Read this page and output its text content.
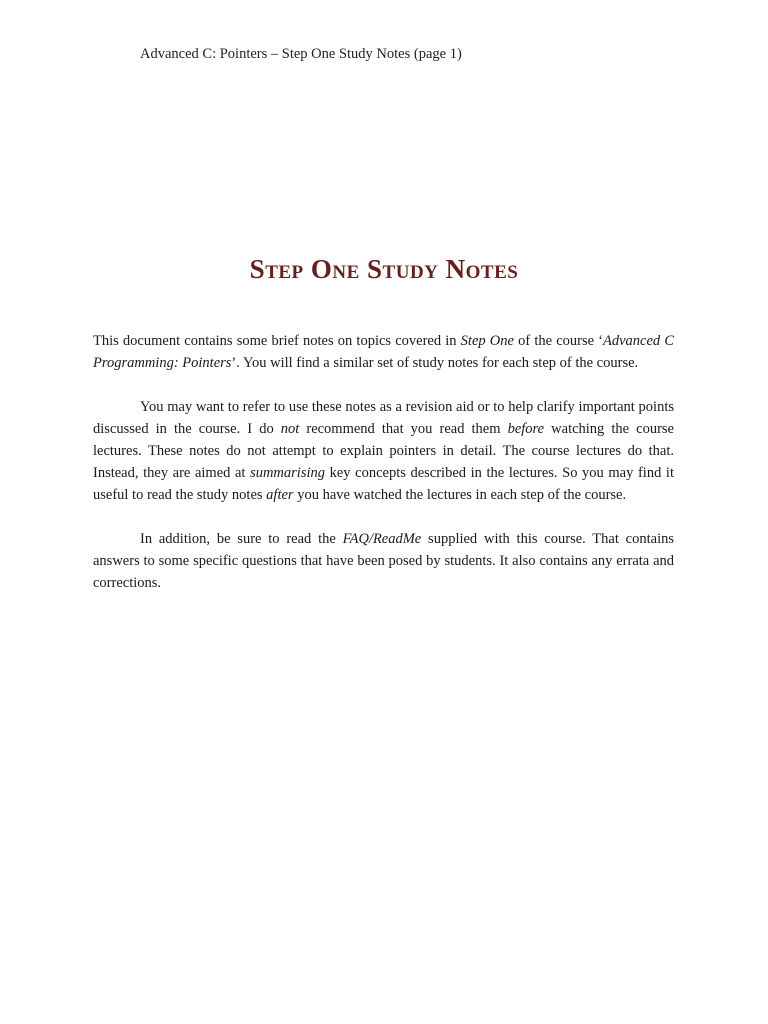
Advanced C: Pointers – Step One Study Notes (page 1)
Step One Study Notes

This document contains some brief notes on topics covered in Step One of the course ‘Advanced C Programming: Pointers’. You will find a similar set of study notes for each step of the course.

You may want to refer to use these notes as a revision aid or to help clarify important points discussed in the course. I do not recommend that you read them before watching the course lectures. These notes do not attempt to explain pointers in detail. The course lectures do that. Instead, they are aimed at summarising key concepts described in the lectures. So you may find it useful to read the study notes after you have watched the lectures in each step of the course.

In addition, be sure to read the FAQ/ReadMe supplied with this course. That contains answers to some specific questions that have been posed by students. It also contains any errata and corrections.
